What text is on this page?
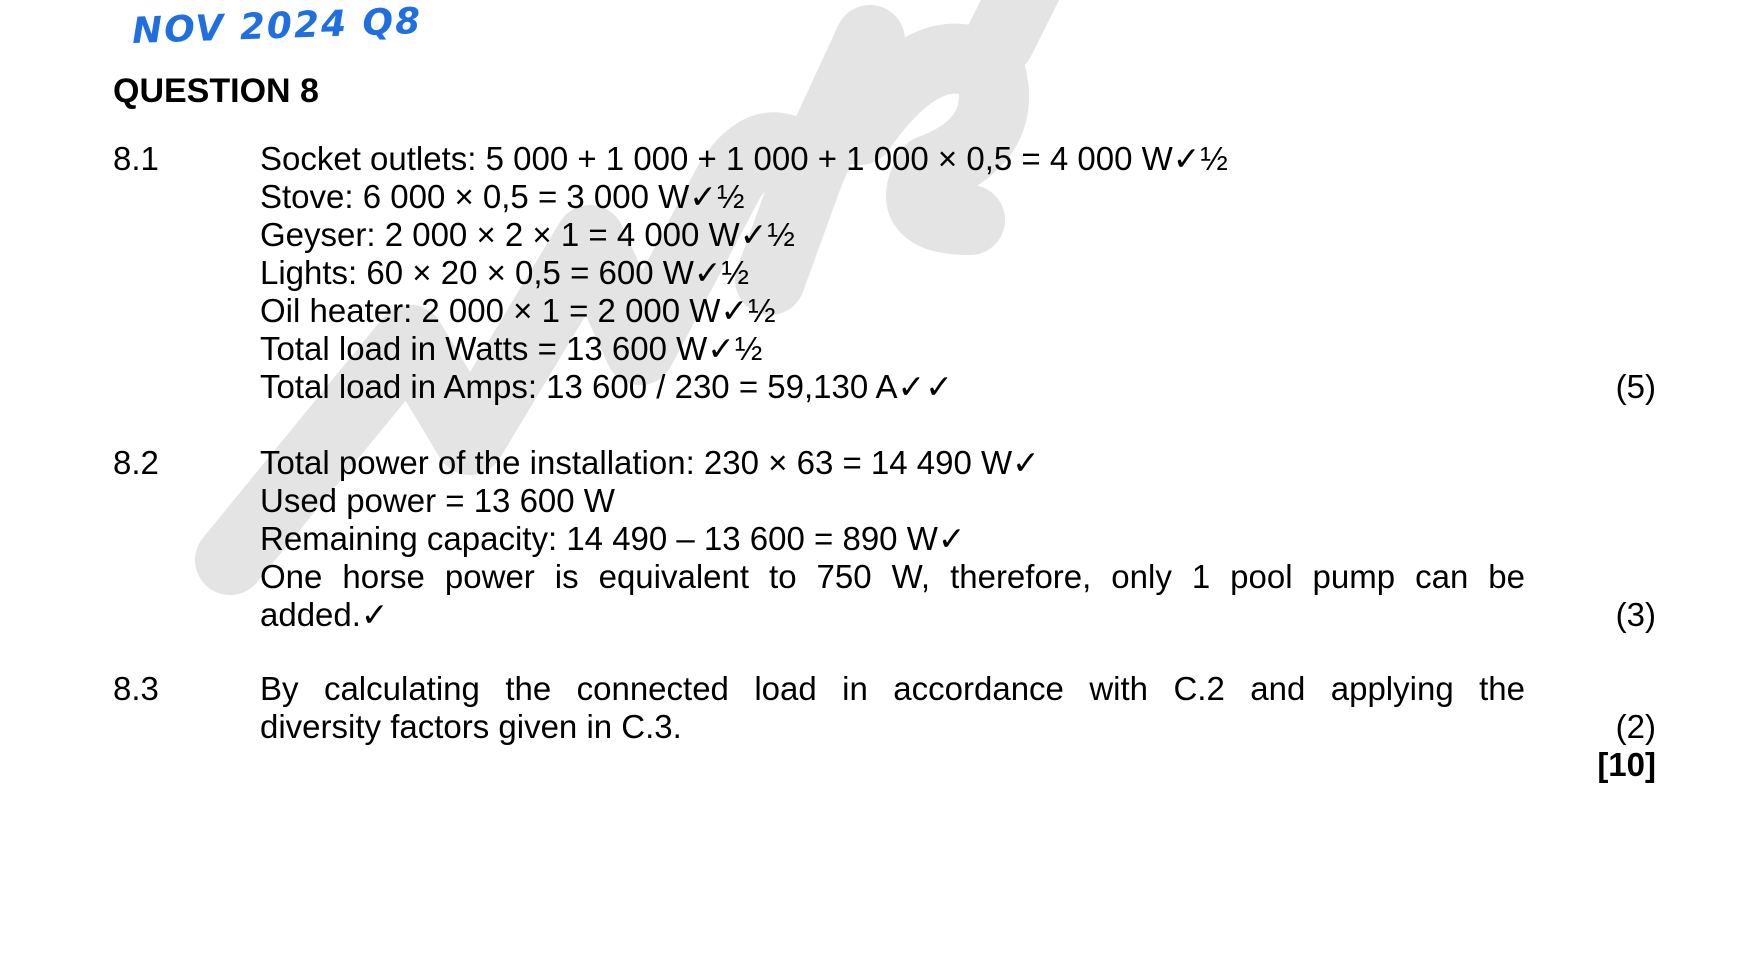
NOV 2024 Q8
QUESTION 8
8.1	Socket outlets: 5 000 + 1 000 + 1 000 + 1 000 × 0,5 = 4 000 W✓½
Stove: 6 000 × 0,5 = 3 000 W✓½
Geyser: 2 000 × 2 × 1 = 4 000 W✓½
Lights: 60 × 20 × 0,5 = 600 W✓½
Oil heater: 2 000 × 1 = 2 000 W✓½
Total load in Watts = 13 600 W✓½
Total load in Amps: 13 600 / 230 = 59,130 A✓✓	(5)
8.2	Total power of the installation: 230 × 63 = 14 490 W✓
Used power = 13 600 W
Remaining capacity: 14 490 – 13 600 = 890 W✓
One horse power is equivalent to 750 W, therefore, only 1 pool pump can be
added.✓	(3)
8.3	By calculating the connected load in accordance with C.2 and applying the
diversity factors given in C.3.	(2)
[10]
